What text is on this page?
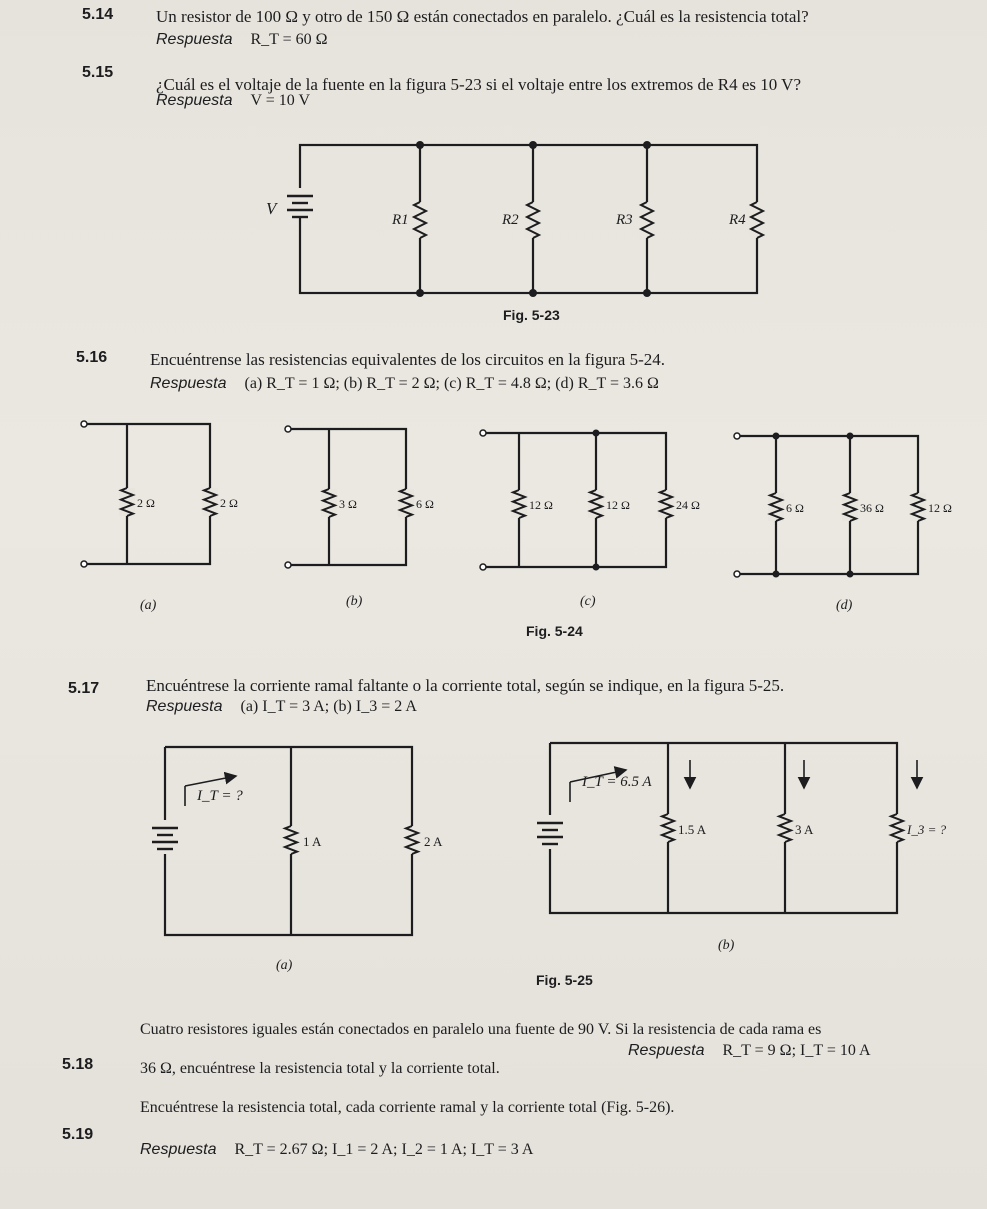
5.14	Un resistor de 100 Ω y otro de 150 Ω están conectados en paralelo. ¿Cuál es la resistencia total?
Respuesta R_T = 60 Ω
5.15
¿Cuál es el voltaje de la fuente en la figura 5-23 si el voltaje entre los extremos de R4 es 10 V?
Respuesta V = 10 V
5.16	Encuéntrense las resistencias equivalentes de los circuitos en la figura 5-24.
Respuesta (a) R_T = 1 Ω; (b) R_T = 2 Ω; (c) R_T = 4.8 Ω; (d) R_T = 3.6 Ω
5.17	Encuéntrese la corriente ramal faltante o la corriente total, según se indique, en la figura 5-25.
Respuesta (a) I_T = 3 A; (b) I_3 = 2 A
5.18
Cuatro resistores iguales están conectados en paralelo una fuente de 90 V. Si la resistencia de cada rama es
36 Ω, encuéntrese la resistencia total y la corriente total.
Respuesta R_T = 9 Ω; I_T = 10 A
5.19
Encuéntrese la resistencia total, cada corriente ramal y la corriente total (Fig. 5-26).
Respuesta R_T = 2.67 Ω; I_1 = 2 A; I_2 = 1 A; I_T = 3 A
Fig. 5-23
Fig. 5-24
Fig. 5-25
V
R1	R2	R3	R4
2 Ω	2 Ω	3 Ω	6 Ω	12 Ω	12 Ω	24 Ω	6 Ω	36 Ω	12 Ω
(a)	(b)	(c)	(d)
I_T = ?
(a)
I_T = 6.5 A
(b)
1 A	2 A
1.5 A	3 A	I_3 = ?
